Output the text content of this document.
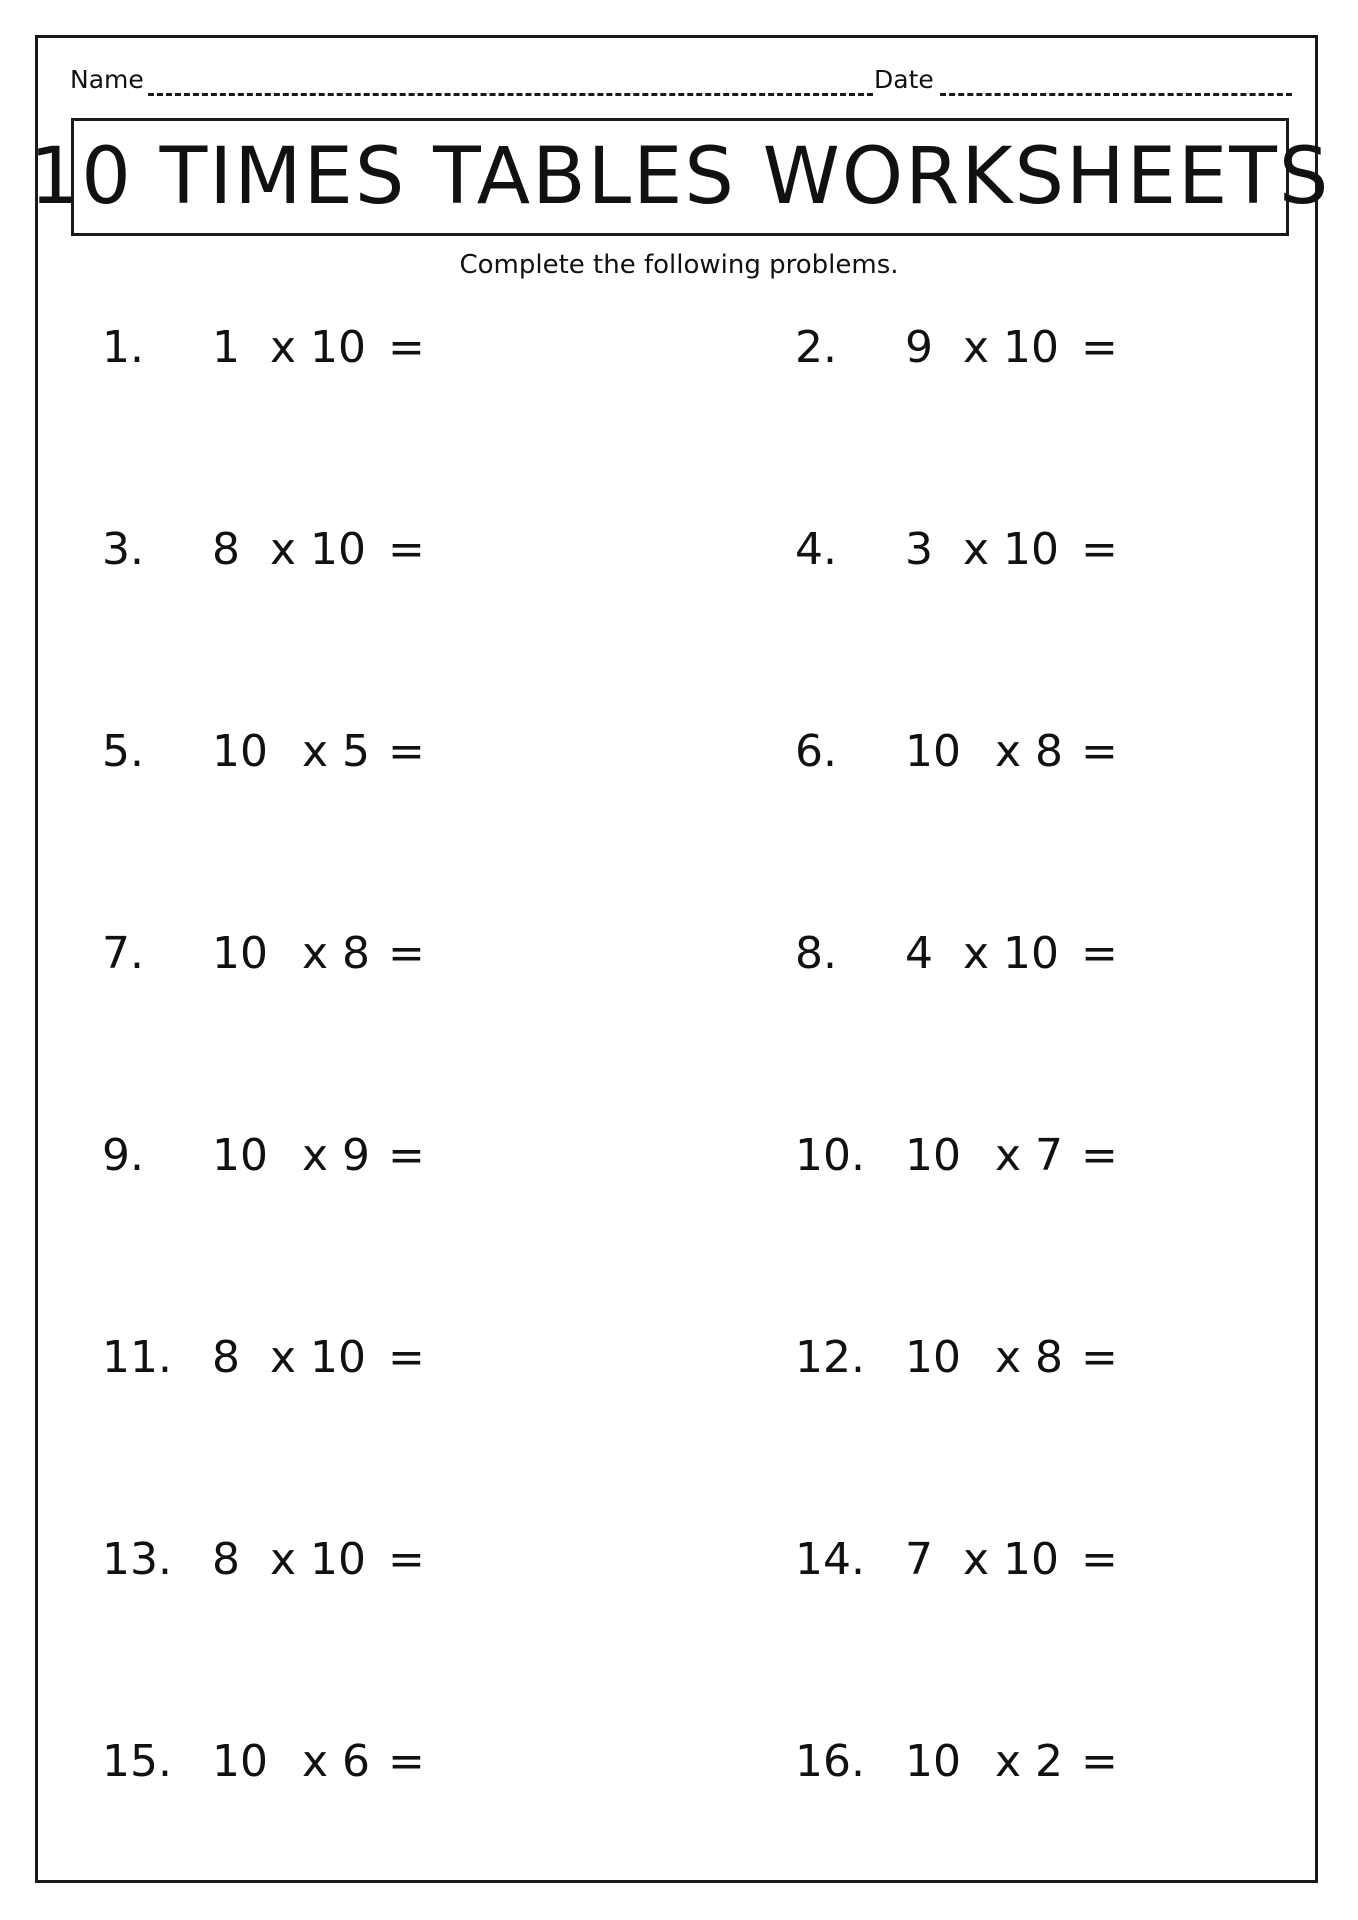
Name	Date
10 TIMES TABLES WORKSHEETS
Complete the following problems.
1. 1 x 10 =	2. 9 x 10 =
3. 8 x 10 =	4. 3 x 10 =
5. 10 x 5 =	6. 10 x 8 =
7. 10 x 8 =	8. 4 x 10 =
9. 10 x 9 =	10. 10 x 7 =
11. 8 x 10 =	12. 10 x 8 =
13. 8 x 10 =	14. 7 x 10 =
15. 10 x 6 =	16. 10 x 2 =
